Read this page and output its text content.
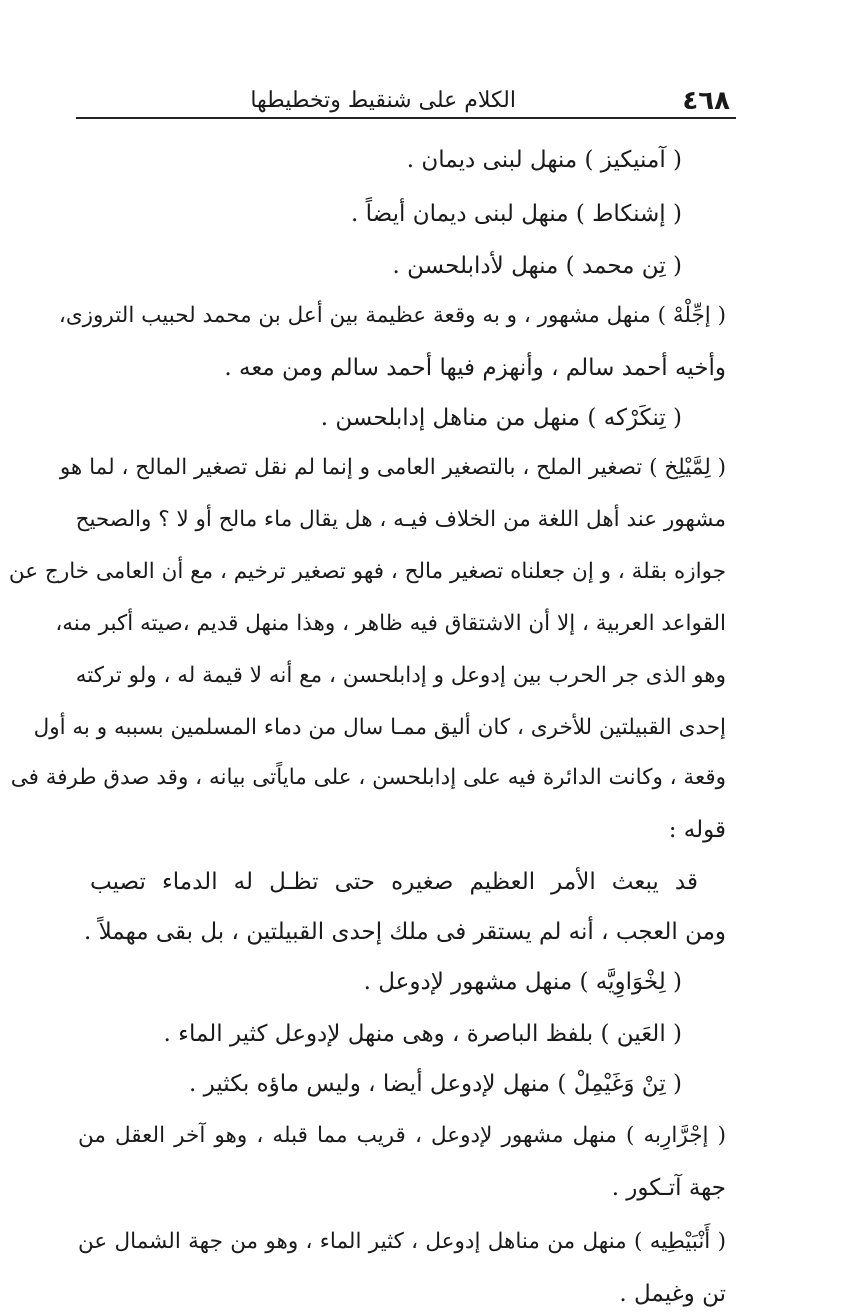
٤٦٨
الكلام على شنقيط وتخطيطها
( آمنيكيز ) منهل لبنى ديمان .
( إشنكاط ) منهل لبنى ديمان أيضاً .
( تِن محمد ) منهل لأدابلحسن .
( إجِّلْهْ ) منهل مشهور ، و به وقعة عظيمة بين أعل بن محمد لحبيب التروزى،
وأخيه أحمد سالم ، وأنهزم فيها أحمد سالم ومن معه .
( تِنكَرْكه ) منهل من مناهل إدابلحسن .
( لِمَّيْلِخ ) تصغير الملح ، بالتصغير العامى و إنما لم نقل تصغير المالح ، لما هو
مشهور عند أهل اللغة من الخلاف فيـه ، هل يقال ماء مالح أو لا ؟ والصحيح
جوازه بقلة ، و إن جعلناه تصغير مالح ، فهو تصغير ترخيم ، مع أن العامى خارج عن
القواعد العربية ، إلا أن الاشتقاق فيه ظاهر ، وهذا منهل قديم ،صيته أكبر منه،
وهو الذى جر الحرب بين إدوعل و إدابلحسن ، مع أنه لا قيمة له ، ولو تركته
إحدى القبيلتين للأخرى ، كان أليق ممـا سال من دماء المسلمين بسببه و به أول
وقعة ، وكانت الدائرة فيه على إدابلحسن ، على ماياًتى بيانه ، وقد صدق طرفة فى
قوله :
قد يبعث الأمر العظيم صغيره حتى تظـل له الدماء تصيب
ومن العجب ، أنه لم يستقر فى ملك إحدى القبيلتين ، بل بقى مهملاً .
( لِخْوَاوِيَّه ) منهل مشهور لإدوعل .
( العَين ) بلفظ الباصرة ، وهى منهل لإدوعل كثير الماء .
( تِنْ وَغَيْمِلْ ) منهل لإدوعل أيضا ، وليس ماؤه بكثير .
( إجْرَّارِبه ) منهل مشهور لإدوعل ، قريب مما قبله ، وهو آخر العقل من
جهة آتـكور .
( أَنْبَيْطِيه ) منهل من مناهل إدوعل ، كثير الماء ، وهو من جهة الشمال عن
تن وغيمل .
